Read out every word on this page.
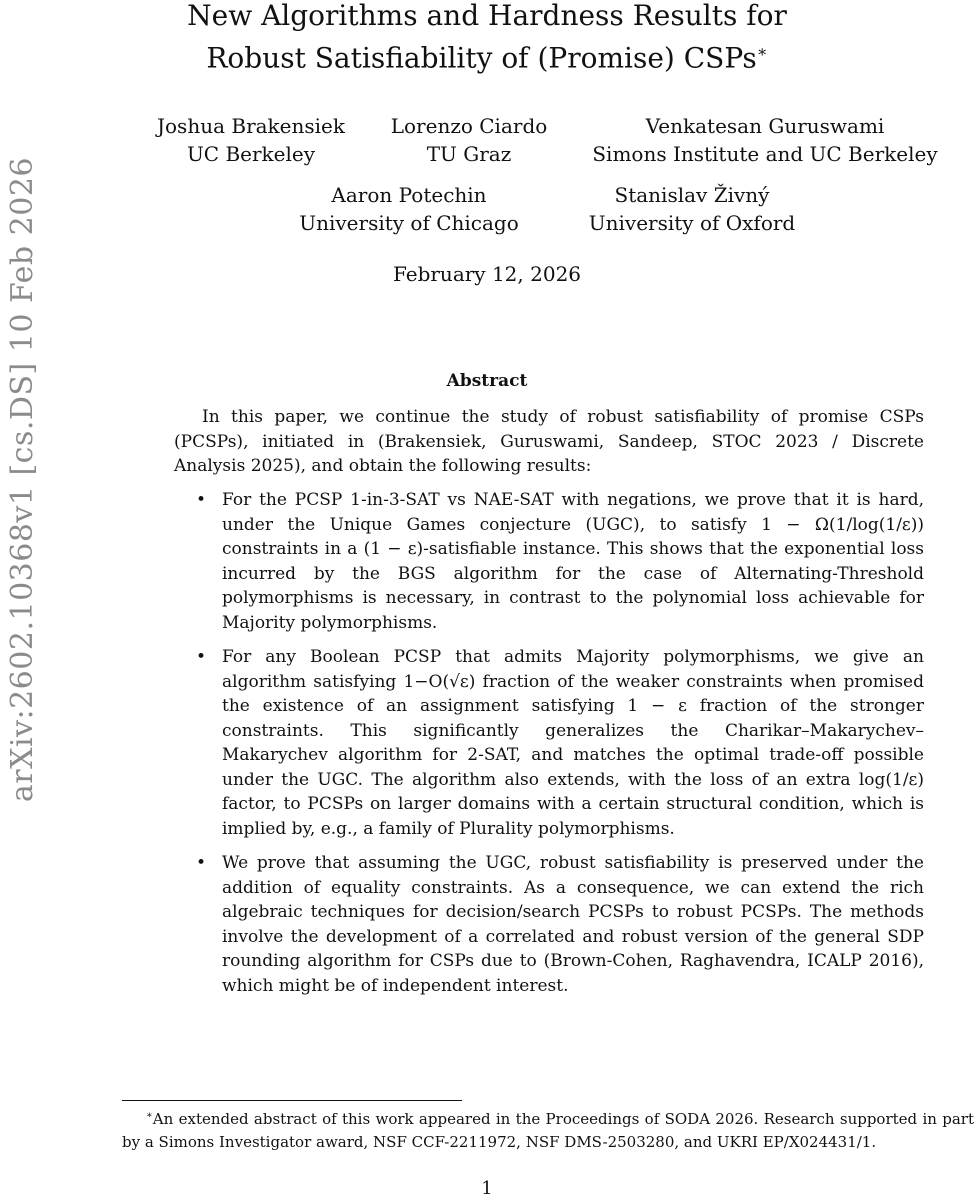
arXiv:2602.10368v1 [cs.DS] 10 Feb 2026
New Algorithms and Hardness Results for
Robust Satisfiability of (Promise) CSPs∗
Joshua Brakensiek
UC Berkeley
Lorenzo Ciardo
TU Graz
Venkatesan Guruswami
Simons Institute and UC Berkeley
Aaron Potechin
University of Chicago
Stanislav Živný
University of Oxford
February 12, 2026
Abstract
In this paper, we continue the study of robust satisfiability of promise CSPs (PCSPs), initiated in (Brakensiek, Guruswami, Sandeep, STOC 2023 / Discrete Analysis 2025), and obtain the following results:
• For the PCSP 1-in-3-SAT vs NAE-SAT with negations, we prove that it is hard, under the Unique Games conjecture (UGC), to satisfy 1 − Ω(1/log(1/ε)) constraints in a (1 − ε)-satisfiable instance. This shows that the exponential loss incurred by the BGS algorithm for the case of Alternating-Threshold polymorphisms is necessary, in contrast to the polynomial loss achievable for Majority polymorphisms.
• For any Boolean PCSP that admits Majority polymorphisms, we give an algorithm satisfying 1−O(√ε) fraction of the weaker constraints when promised the existence of an assignment satisfying 1 − ε fraction of the stronger constraints. This significantly generalizes the Charikar–Makarychev–Makarychev algorithm for 2-SAT, and matches the optimal trade-off possible under the UGC. The algorithm also extends, with the loss of an extra log(1/ε) factor, to PCSPs on larger domains with a certain structural condition, which is implied by, e.g., a family of Plurality polymorphisms.
• We prove that assuming the UGC, robust satisfiability is preserved under the addition of equality constraints. As a consequence, we can extend the rich algebraic techniques for decision/search PCSPs to robust PCSPs. The methods involve the development of a correlated and robust version of the general SDP rounding algorithm for CSPs due to (Brown-Cohen, Raghavendra, ICALP 2016), which might be of independent interest.
∗An extended abstract of this work appeared in the Proceedings of SODA 2026. Research supported in part by a Simons Investigator award, NSF CCF-2211972, NSF DMS-2503280, and UKRI EP/X024431/1.
1
